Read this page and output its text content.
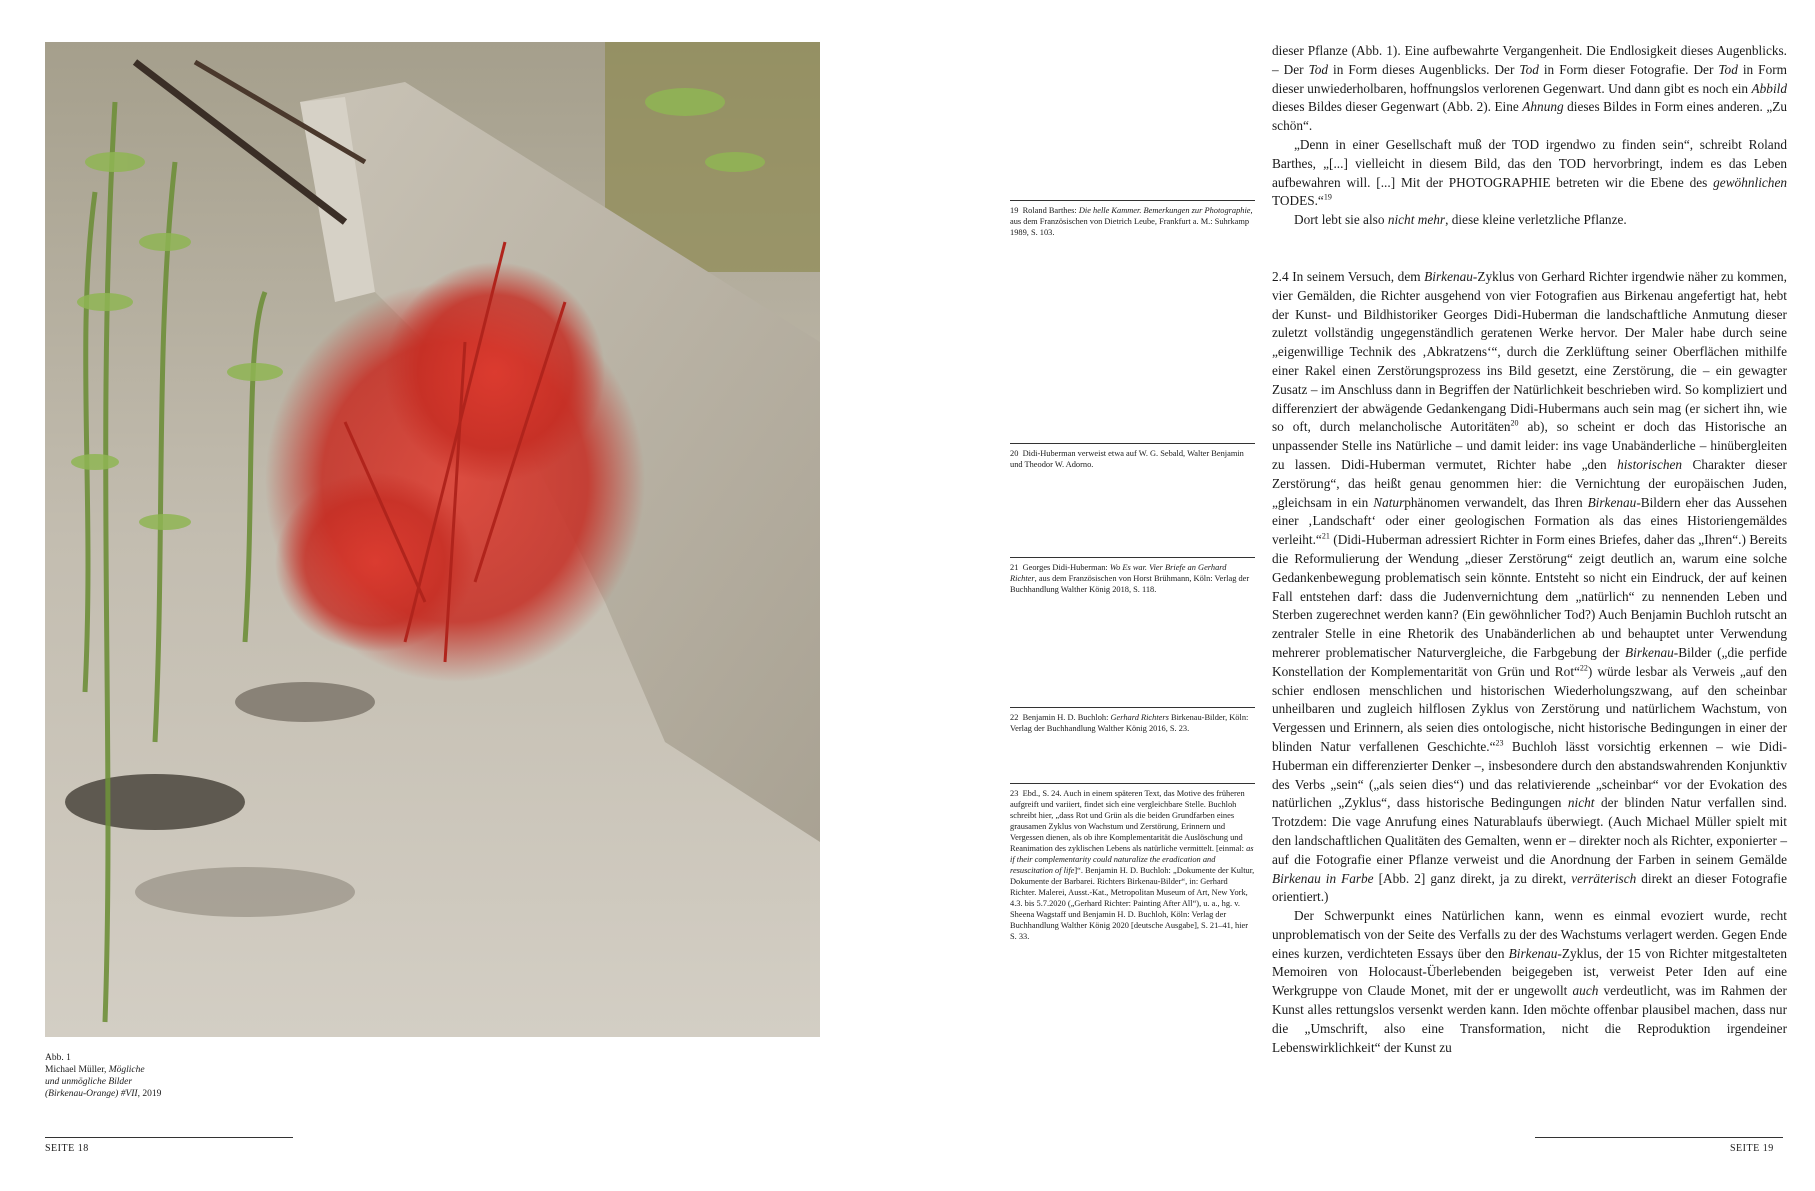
Abb. 1
Michael Müller, Mögliche
und unmögliche Bilder
(Birkenau-Orange) #VII, 2019
SEITE 18
19 Roland Barthes: Die helle Kammer. Bemerkungen zur Photographie, aus dem Französischen von Dietrich Leube, Frankfurt a. M.: Suhrkamp 1989, S. 103.
20 Didi-Huberman verweist etwa auf W. G. Sebald, Walter Benjamin und Theodor W. Adorno.
21 Georges Didi-Huberman: Wo Es war. Vier Briefe an Gerhard Richter, aus dem Französischen von Horst Brühmann, Köln: Verlag der Buchhandlung Walther König 2018, S. 118.
22 Benjamin H. D. Buchloh: Gerhard Richters Birkenau-Bilder, Köln: Verlag der Buchhandlung Walther König 2016, S. 23.
23 Ebd., S. 24. Auch in einem späteren Text, das Motive des früheren aufgreift und variiert, findet sich eine vergleichbare Stelle. Buchloh schreibt hier, „dass Rot und Grün als die beiden Grundfarben eines grausamen Zyklus von Wachstum und Zerstörung, Erinnern und Vergessen dienen, als ob ihre Komplementarität die Auslöschung und Reanimation des zyklischen Lebens als natürliche vermittelt. [einmal: as if their complementarity could naturalize the eradication and resuscitation of life]“. Benjamin H. D. Buchloh: „Dokumente der Kultur, Dokumente der Barbarei. Richters Birkenau-Bilder“, in: Gerhard Richter. Malerei, Ausst.-Kat., Metropolitan Museum of Art, New York, 4.3. bis 5.7.2020 („Gerhard Richter: Painting After All“), u. a., hg. v. Sheena Wagstaff und Benjamin H. D. Buchloh, Köln: Verlag der Buchhandlung Walther König 2020 [deutsche Ausgabe], S. 21–41, hier S. 33.

dieser Pflanze (Abb. 1). Eine aufbewahrte Vergangenheit. Die Endlosigkeit dieses Augenblicks. – Der Tod in Form dieses Augenblicks. Der Tod in Form dieser Fotografie. Der Tod in Form dieser unwiederholbaren, hoffnungslos verlorenen Gegenwart. Und dann gibt es noch ein Abbild dieses Bildes dieser Gegenwart (Abb. 2). Eine Ahnung dieses Bildes in Form eines anderen. „Zu schön“.

„Denn in einer Gesellschaft muß der TOD irgendwo zu finden sein“, schreibt Roland Barthes, „[...] vielleicht in diesem Bild, das den TOD hervorbringt, indem es das Leben aufbewahren will. [...] Mit der PHOTOGRAPHIE betreten wir die Ebene des gewöhnlichen TODES.“$^{19}$

Dort lebt sie also nicht mehr, diese kleine verletzliche Pflanze.

2.4 In seinem Versuch, dem Birkenau-Zyklus von Gerhard Richter irgendwie näher zu kommen, vier Gemälden, die Richter ausgehend von vier Fotografien aus Birkenau angefertigt hat, hebt der Kunst- und Bildhistoriker Georges Didi-Huberman die landschaftliche Anmutung dieser zuletzt vollständig ungegenständlich geratenen Werke hervor. Der Maler habe durch seine „eigenwillige Technik des ‚Abkratzens‘“, durch die Zerklüftung seiner Oberflächen mithilfe einer Rakel einen Zerstörungsprozess ins Bild gesetzt, eine Zerstörung, die – ein gewagter Zusatz – im Anschluss dann in Begriffen der Natürlichkeit beschrieben wird. So kompliziert und differenziert der abwägende Gedankengang Didi-Hubermans auch sein mag (er sichert ihn, wie so oft, durch melancholische Autoritäten$^{20}$ ab), so scheint er doch das Historische an unpassender Stelle ins Natürliche – und damit leider: ins vage Unabänderliche – hinübergleiten zu lassen. Didi-Huberman vermutet, Richter habe „den historischen Charakter dieser Zerstörung“, das heißt genau genommen hier: die Vernichtung der europäischen Juden, „gleichsam in ein Naturphänomen verwandelt, das Ihren Birkenau-Bildern eher das Aussehen einer ‚Landschaft‘ oder einer geologischen Formation als das eines Historiengemäldes verleiht.“$^{21}$ (Didi-Huberman adressiert Richter in Form eines Briefes, daher das „Ihren“.) Bereits die Reformulierung der Wendung „dieser Zerstörung“ zeigt deutlich an, warum eine solche Gedankenbewegung problematisch sein könnte. Entsteht so nicht ein Eindruck, der auf keinen Fall entstehen darf: dass die Judenvernichtung dem „natürlich“ zu nennenden Leben und Sterben zugerechnet werden kann? (Ein gewöhnlicher Tod?) Auch Benjamin Buchloh rutscht an zentraler Stelle in eine Rhetorik des Unabänderlichen ab und behauptet unter Verwendung mehrerer problematischer Naturvergleiche, die Farbgebung der Birkenau-Bilder („die perfide Konstellation der Komplementarität von Grün und Rot“$^{22}$) würde lesbar als Verweis „auf den schier endlosen menschlichen und historischen Wiederholungszwang, auf den scheinbar unheilbaren und zugleich hilflosen Zyklus von Zerstörung und natürlichem Wachstum, von Vergessen und Erinnern, als seien dies ontologische, nicht historische Bedingungen in einer der blinden Natur verfallenen Geschichte.“$^{23}$ Buchloh lässt vorsichtig erkennen – wie Didi-Huberman ein differenzierter Denker –, insbesondere durch den abstandswahrenden Konjunktiv des Verbs „sein“ („als seien dies“) und das relativierende „scheinbar“ vor der Evokation des natürlichen „Zyklus“, dass historische Bedingungen nicht der blinden Natur verfallen sind. Trotzdem: Die vage Anrufung eines Naturablaufs überwiegt. (Auch Michael Müller spielt mit den landschaftlichen Qualitäten des Gemalten, wenn er – direkter noch als Richter, exponierter – auf die Fotografie einer Pflanze verweist und die Anordnung der Farben in seinem Gemälde Birkenau in Farbe [Abb. 2] ganz direkt, ja zu direkt, verräterisch direkt an dieser Fotografie orientiert.)

Der Schwerpunkt eines Natürlichen kann, wenn es einmal evoziert wurde, recht unproblematisch von der Seite des Verfalls zu der des Wachstums verlagert werden. Gegen Ende eines kurzen, verdichteten Essays über den Birkenau-Zyklus, der 15 von Richter mitgestalteten Memoiren von Holocaust-Überlebenden beigegeben ist, verweist Peter Iden auf eine Werkgruppe von Claude Monet, mit der er ungewollt auch verdeutlicht, was im Rahmen der Kunst alles rettungslos versenkt werden kann. Iden möchte offenbar plausibel machen, dass nur die „Umschrift, also eine Transformation, nicht die Reproduktion irgendeiner Lebenswirklichkeit“ der Kunst zu

SEITE 19
